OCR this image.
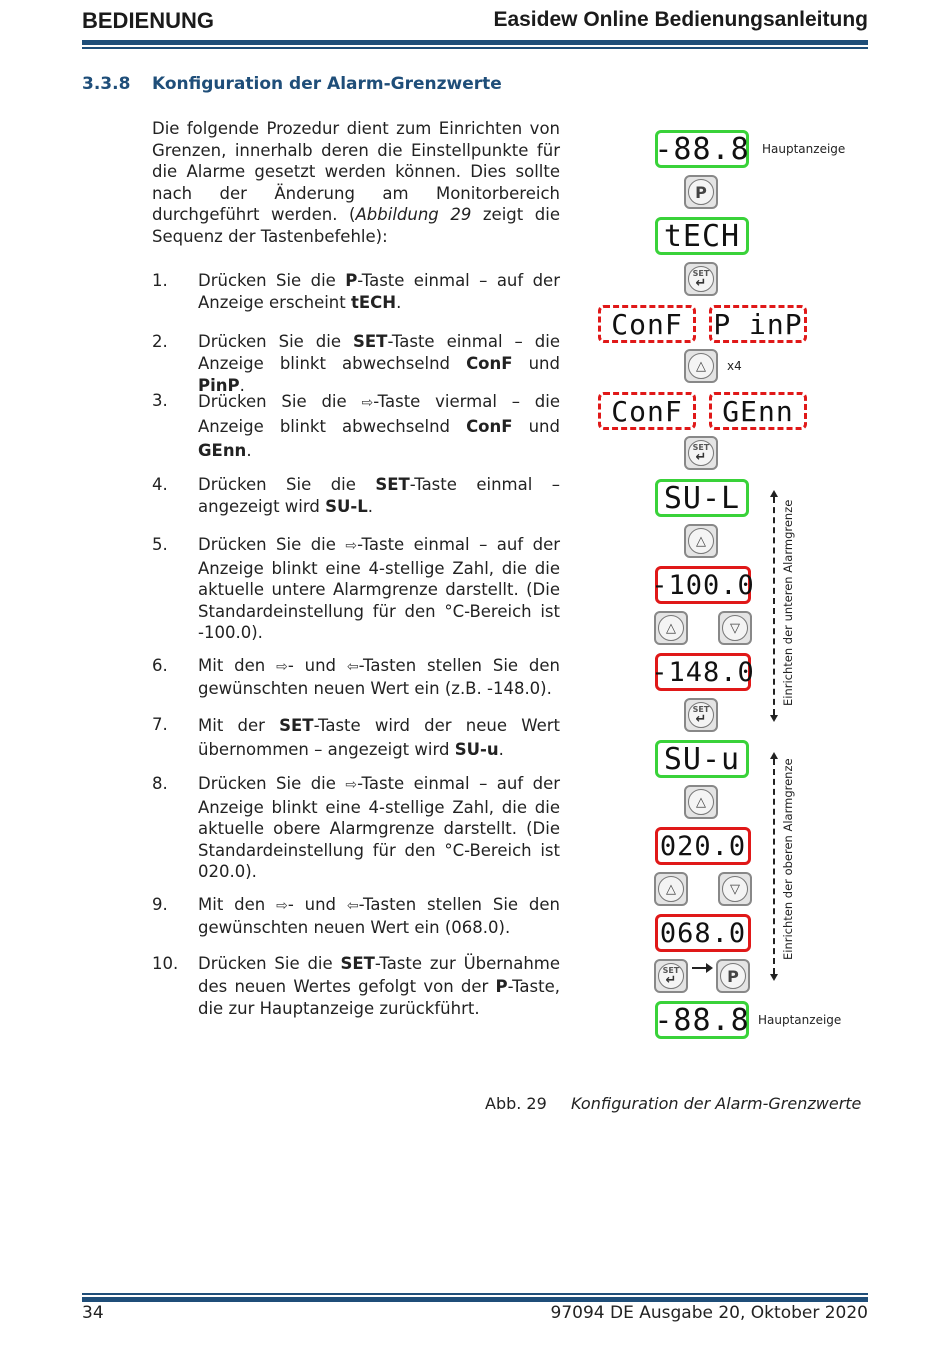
BEDIENUNG	Easidew Online Bedienungsanleitung
3.3.8 Konfiguration der Alarm-Grenzwerte
Die folgende Prozedur dient zum Einrichten von Grenzen, innerhalb deren die Einstellpunkte für die Alarme gesetzt werden können. Dies sollte nach der Änderung am Monitorbereich durchgeführt werden. (Abbildung 29 zeigt die Sequenz der Tastenbefehle):
1. Drücken Sie die P-Taste einmal – auf der Anzeige erscheint tECH.
2. Drücken Sie die SET-Taste einmal – die Anzeige blinkt abwechselnd ConF und PinP.
3. Drücken Sie die ⇨-Taste viermal – die Anzeige blinkt abwechselnd ConF und GEnn.
4. Drücken Sie die SET-Taste einmal – angezeigt wird SU-L.
5. Drücken Sie die ⇨-Taste einmal – auf der Anzeige blinkt eine 4-stellige Zahl, die die aktuelle untere Alarmgrenze darstellt. (Die Standardeinstellung für den °C-Bereich ist -100.0).
6. Mit den ⇨- und ⇦-Tasten stellen Sie den gewünschten neuen Wert ein (z.B. -148.0).
7. Mit der SET-Taste wird der neue Wert übernommen – angezeigt wird SU-u.
8. Drücken Sie die ⇨-Taste einmal – auf der Anzeige blinkt eine 4-stellige Zahl, die die aktuelle obere Alarmgrenze darstellt. (Die Standardeinstellung für den °C-Bereich ist 020.0).
9. Mit den ⇨- und ⇦-Tasten stellen Sie den gewünschten neuen Wert ein (068.0).
10. Drücken Sie die SET-Taste zur Übernahme des neuen Wertes gefolgt von der P-Taste, die zur Hauptanzeige zurückführt.
-88.8 Hauptanzeige
P
tECH
SET
↵
ConF	P inP
△	x4
ConF	GEnn
SET
↵
SU-L
△
-100.0
△	▽
-148.0
SET
↵
SU-u
△
020.0
△	▽
068.0
SET
↵	P
-88.8 Hauptanzeige
Einrichten der unteren Alarmgrenze
Einrichten der oberen Alarmgrenze
Abb. 29 Konfiguration der Alarm-Grenzwerte
34	97094 DE Ausgabe 20, Oktober 2020
